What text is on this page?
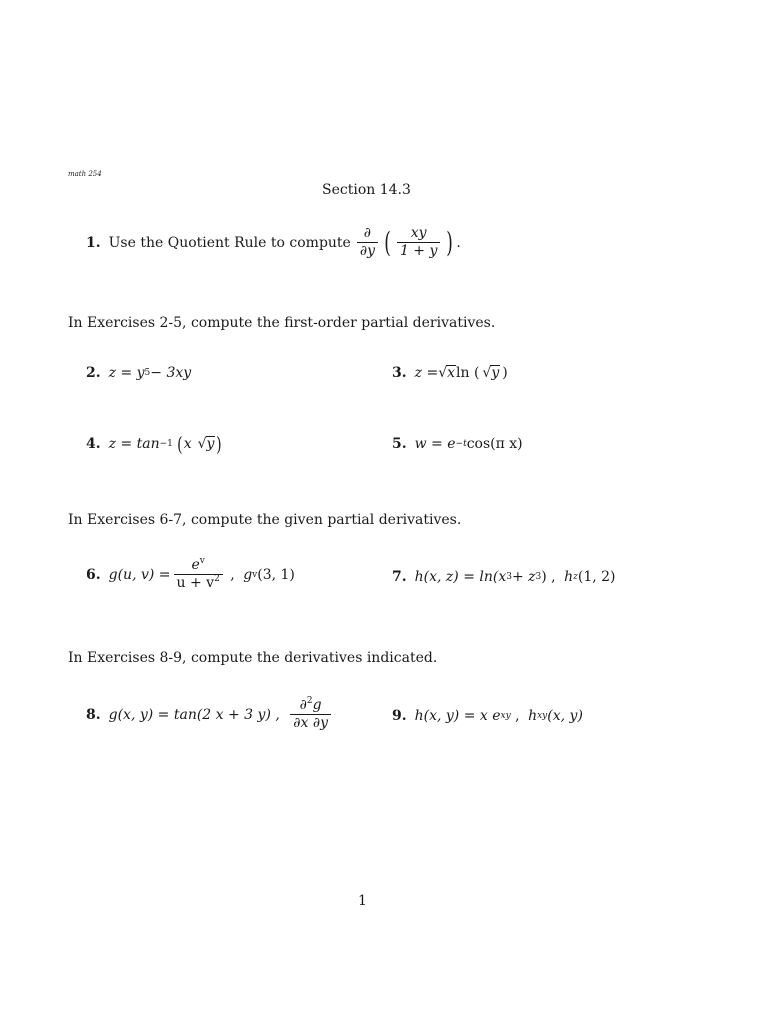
math 254
Section 14.3
1. Use the Quotient Rule to compute $\frac{\partial}{\partial y}$ ( $\frac{xy}{1 + y}$ ) .
In Exercises 2-5, compute the first-order partial derivatives.
2. z = y 5 − 3xy	3. z = √ x ln ( √ y )
4. z = tan −1 ( x √ y )	5. w = e −t cos(π x)
In Exercises 6-7, compute the given partial derivatives.
6. g(u, $v) = \frac{e^v}{u + v^2}$ , g v (3, 1)	7. h(x, z) = ln(x 3 + z 3 ) , h z (1, 2)
In Exercises 8-9, compute the derivatives indicated.
8. g(x, y) = tan(2 x + 3 y) , $\frac{\partial^2g}{\partial x \partial y}$	9. h(x, y) = x e xy , h xy (x, y)
1
